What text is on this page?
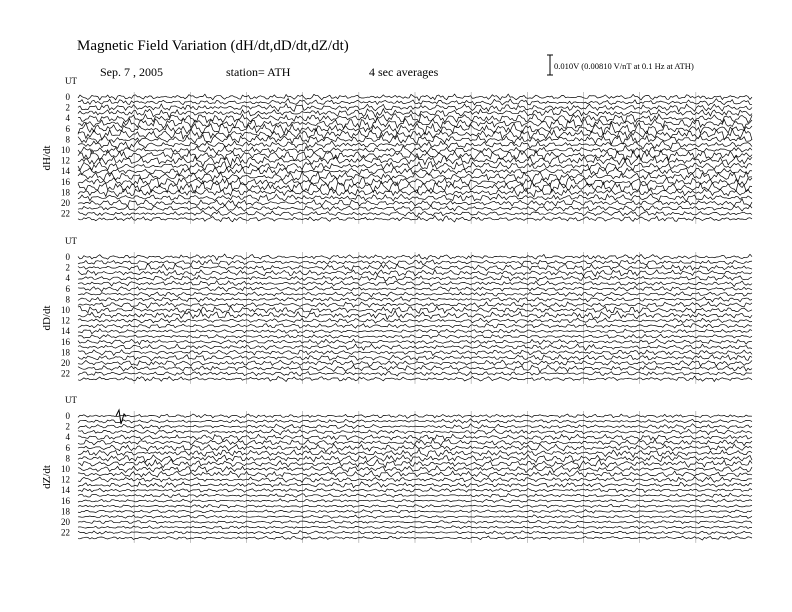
UT
0
2
4
6
8
10
12
14
16
18
20
22
dH/dt
UT
0
2
4
6
8
10
12
14
16
18
20
22
dD/dt
UT
0
2
4
6
8
10
12
14
16
18
20
22
dZ/dt
Magnetic Field Variation (dH/dt,dD/dt,dZ/dt)
Sep. 7 , 2005	station= ATH	4 sec averages	0.010V (0.00810 V/nT at 0.1 Hz at ATH)
